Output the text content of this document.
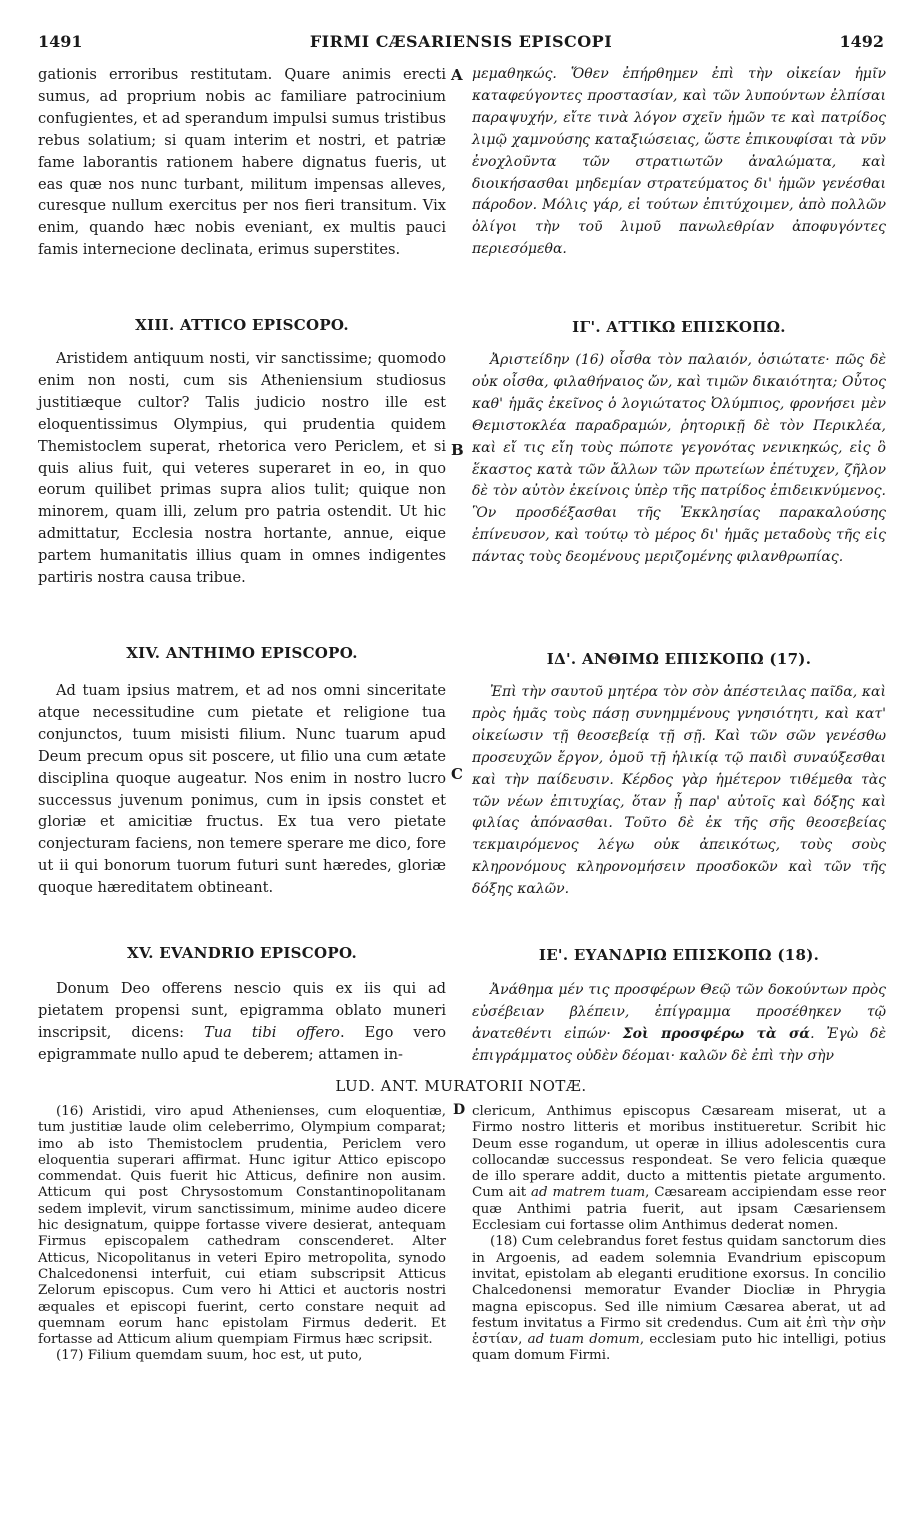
1491	FIRMI CÆSARIENSIS EPISCOPI	1492
A
B
C

gationis erroribus restitutam. Quare animis erecti sumus, ad proprium nobis ac familiare patrocinium confugientes, et ad sperandum impulsi sumus tristibus rebus solatium; si quam interim et nostri, et patriæ fame laborantis rationem habere dignatus fueris, ut eas quæ nos nunc turbant, militum impensas alleves, curesque nullum exercitus per nos fieri transitum. Vix enim, quando hæc nobis eveniant, ex multis pauci famis internecione declinata, erimus superstites.

μεμαθηκώς. Ὅθεν ἐπήρθημεν ἐπὶ τὴν οἰκείαν ἡμῖν καταφεύγοντες προστασίαν, καὶ τῶν λυπούντων ἐλπίσαι παραψυχήν, εἴτε τινὰ λόγον σχεῖν ἡμῶν τε καὶ πατρίδος λιμῷ χαμνούσης καταξιώσειας, ὥστε ἐπικουφίσαι τὰ νῦν ἐνοχλοῦντα τῶν στρατιωτῶν ἀναλώματα, καὶ διοικήσασθαι μηδεμίαν στρατεύματος δι' ἡμῶν γενέσθαι πάροδον. Μόλις γάρ, εἰ τούτων ἐπιτύχοιμεν, ἀπὸ πολλῶν ὀλίγοι τὴν τοῦ λιμοῦ πανωλεθρίαν ἀποφυγόντες περιεσόμεθα.

XIII. ATTICO EPISCOPO.	ΙΓ'. ΑΤΤΙΚΩ ΕΠΙΣΚΟΠΩ.

Aristidem antiquum nosti, vir sanctissime; quomodo enim non nosti, cum sis Atheniensium studiosus justitiæque cultor? Talis judicio nostro ille est eloquentissimus Olympius, qui prudentia quidem Themistoclem superat, rhetorica vero Periclem, et si quis alius fuit, qui veteres superaret in eo, in quo eorum quilibet primas supra alios tulit; quique non minorem, quam illi, zelum pro patria ostendit. Ut hic admittatur, Ecclesia nostra hortante, annue, eique partem humanitatis illius quam in omnes indigentes partiris nostra causa tribue.

Ἀριστείδην (16) οἶσθα τὸν παλαιόν, ὁσιώτατε· πῶς δὲ οὐκ οἶσθα, φιλαθήναιος ὤν, καὶ τιμῶν δικαιότητα; Οὗτος καθ' ἡμᾶς ἐκεῖνος ὁ λογιώτατος Ὀλύμπιος, φρονήσει μὲν Θεμιστοκλέα παραδραμών, ῥητορικῇ δὲ τὸν Περικλέα, καὶ εἴ τις εἴη τοὺς πώποτε γεγονότας νενικηκώς, εἰς ὃ ἕκαστος κατὰ τῶν ἄλλων τῶν πρωτείων ἐπέτυχεν, ζῆλον δὲ τὸν αὐτὸν ἐκείνοις ὑπὲρ τῆς πατρίδος ἐπιδεικνύμενος. Ὃν προσδέξασθαι τῆς Ἐκκλησίας παρακαλούσης ἐπίνευσον, καὶ τούτῳ τὸ μέρος δι' ἡμᾶς μεταδοὺς τῆς εἰς πάντας τοὺς δεομένους μεριζομένης φιλανθρωπίας.

XIV. ANTHIMO EPISCOPO.	ΙΔ'. ΑΝΘΙΜΩ ΕΠΙΣΚΟΠΩ (17).

Ad tuam ipsius matrem, et ad nos omni sinceritate atque necessitudine cum pietate et religione tua conjunctos, tuum misisti filium. Nunc tuarum apud Deum precum opus sit poscere, ut filio una cum ætate disciplina quoque augeatur. Nos enim in nostro lucro successus juvenum ponimus, cum in ipsis constet et gloriæ et amicitiæ fructus. Ex tua vero pietate conjecturam faciens, non temere sperare me dico, fore ut ii qui bonorum tuorum futuri sunt hæredes, gloriæ quoque hæreditatem obtineant.

Ἐπὶ τὴν σαυτοῦ μητέρα τὸν σὸν ἀπέστειλας παῖδα, καὶ πρὸς ἡμᾶς τοὺς πάσῃ συνημμένους γνησιότητι, καὶ κατ' οἰκείωσιν τῇ θεοσεβείᾳ τῇ σῇ. Καὶ τῶν σῶν γενέσθω προσευχῶν ἔργον, ὁμοῦ τῇ ἡλικίᾳ τῷ παιδὶ συναύξεσθαι καὶ τὴν παίδευσιν. Κέρδος γὰρ ἡμέτερον τιθέμεθα τὰς τῶν νέων ἐπιτυχίας, ὅταν ᾖ παρ' αὐτοῖς καὶ δόξης καὶ φιλίας ἀπόνασθαι. Τοῦτο δὲ ἐκ τῆς σῆς θεοσεβείας τεκμαιρόμενος λέγω οὐκ ἀπεικότως, τοὺς σοὺς κληρονόμους κληρονομήσειν προσδοκῶν καὶ τῶν τῆς δόξης καλῶν.

XV. EVANDRIO EPISCOPO.	ΙΕ'. ΕΥΑΝΔΡΙΩ ΕΠΙΣΚΟΠΩ (18).

Donum Deo offerens nescio quis ex iis qui ad pietatem propensi sunt, epigramma oblato muneri inscripsit, dicens: Tua tibi offero. Ego vero epigrammate nullo apud te deberem; attamen in-

Ἀνάθημα μέν τις προσφέρων Θεῷ τῶν δοκούντων πρὸς εὐσέβειαν βλέπειν, ἐπίγραμμα προσέθηκεν τῷ ἀνατεθέντι εἰπών· Σοὶ προσφέρω τὰ σά. Ἐγὼ δὲ ἐπιγράμματος οὐδὲν δέομαι· καλῶν δὲ ἐπὶ τὴν σὴν

LUD. ANT. MURATORII NOTÆ.
D

(16) Aristidi, viro apud Athenienses, cum eloquentiæ, tum justitiæ laude olim celeberrimo, Olympium comparat; imo ab isto Themistoclem prudentia, Periclem vero eloquentia superari affirmat. Hunc igitur Attico episcopo commendat. Quis fuerit hic Atticus, definire non ausim. Atticum qui post Chrysostomum Constantinopolitanam sedem implevit, virum sanctissimum, minime audeo dicere hic designatum, quippe fortasse vivere desierat, antequam Firmus episcopalem cathedram conscenderet. Alter Atticus, Nicopolitanus in veteri Epiro metropolita, synodo Chalcedonensi interfuit, cui etiam subscripsit Atticus Zelorum episcopus. Cum vero hi Attici et auctoris nostri æquales et episcopi fuerint, certo constare nequit ad quemnam eorum hanc epistolam Firmus dederit. Et fortasse ad Atticum alium quempiam Firmus hæc scripsit.

(17) Filium quemdam suum, hoc est, ut puto,

clericum, Anthimus episcopus Cæsaream miserat, ut a Firmo nostro litteris et moribus institueretur. Scribit hic Deum esse rogandum, ut operæ in illius adolescentis cura collocandæ successus respondeat. Se vero felicia quæque de illo sperare addit, ducto a mittentis pietate argumento. Cum ait ad matrem tuam, Cæsaream accipiendam esse reor quæ Anthimi patria fuerit, aut ipsam Cæsariensem Ecclesiam cui fortasse olim Anthimus dederat nomen.

(18) Cum celebrandus foret festus quidam sanctorum dies in Argoenis, ad eadem solemnia Evandrium episcopum invitat, epistolam ab eleganti eruditione exorsus. In concilio Chalcedonensi memoratur Evander Diocliæ in Phrygia magna episcopus. Sed ille nimium Cæsarea aberat, ut ad festum invitatus a Firmo sit credendus. Cum ait ἐπὶ τὴν σὴν ἑστίαν, ad tuam domum, ecclesiam puto hic intelligi, potius quam domum Firmi.
